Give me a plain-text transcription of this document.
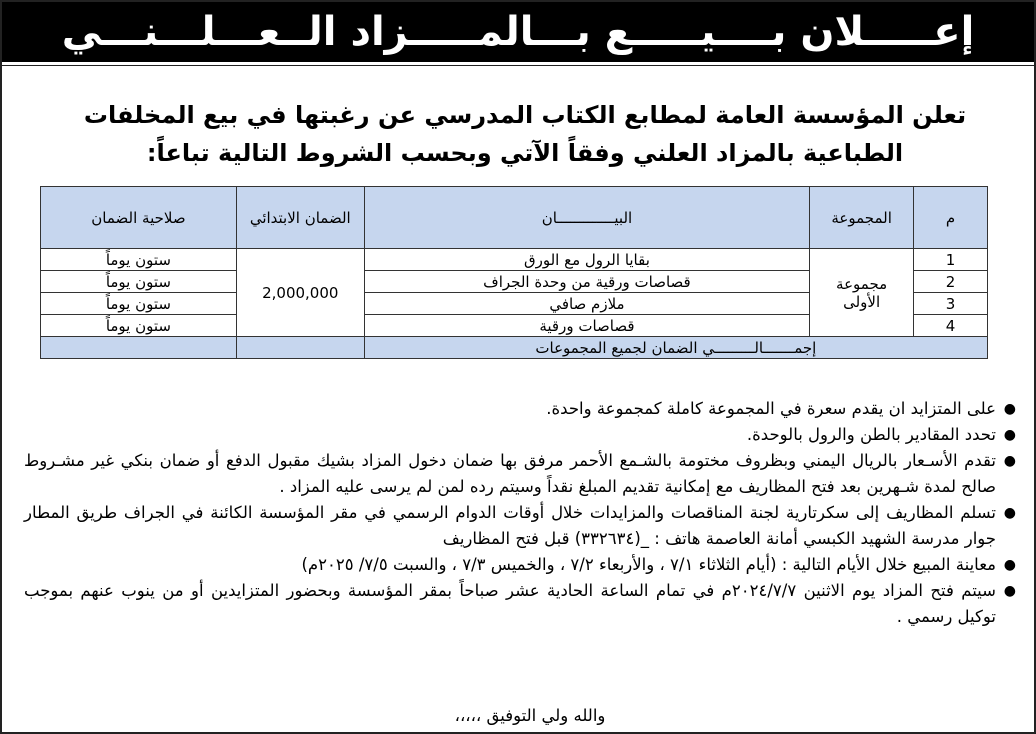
إعـــــلان بــــيـــــع بـــالمـــــزاد الــعـــلـــنـــي
تعلن المؤسسة العامة لمطابع الكتاب المدرسي عن رغبتها في بيع المخلفات الطباعية بالمزاد العلني وفقاً الآتي وبحسب الشروط التالية تباعاً:
م	المجموعة	البيـــــــــــــان	الضمان الابتدائي	صلاحية الضمان
1	مجموعة الأولى	بقايا الرول مع الورق	2,000,000	ستون يوماً
2		قصاصات ورقية من وحدة الجراف		ستون يوماً
3		ملازم صافي		ستون يوماً
4		قصاصات ورقية		ستون يوماً
إجمـــــــالـــــــــي الضمان لجميع المجموعات				
●
على المتزايد ان يقدم سعرة في المجموعة كاملة كمجموعة واحدة.
●
تحدد المقادير بالطن والرول بالوحدة.
●
تقدم الأسـعار بالريال اليمني وبظروف مختومة بالشـمع الأحمر مرفق بها ضمان دخول المزاد بشيك مقبول الدفع أو ضمان بنكي غير مشـروط صالح لمدة شـهرين بعد فتح المظاريف مع إمكانية تقديم المبلغ نقداً وسيتم رده لمن لم يرسى عليه المزاد .
●
تسلم المظاريف إلى سكرتارية لجنة المناقصات والمزايدات خلال أوقات الدوام الرسمي في مقر المؤسسة الكائنة في الجراف طريق المطار جوار مدرسة الشهيد الكبسي أمانة العاصمة هاتف : _(٣٣٢٦٣٤) قبل فتح المظاريف
●
معاينة المبيع خلال الأيام التالية : (أيام الثلاثاء ٧/١ ، والأربعاء ٧/٢ ، والخميس ٧/٣ ، والسبت ٧/٥/ ٢٠٢٥م)
●
سيتم فتح المزاد يوم الاثنين ٢٠٢٤/٧/٧م في تمام الساعة الحادية عشر صباحاً بمقر المؤسسة وبحضور المتزايدين أو من ينوب عنهم بموجب توكيل رسمي .
والله ولي التوفيق ،،،،،
